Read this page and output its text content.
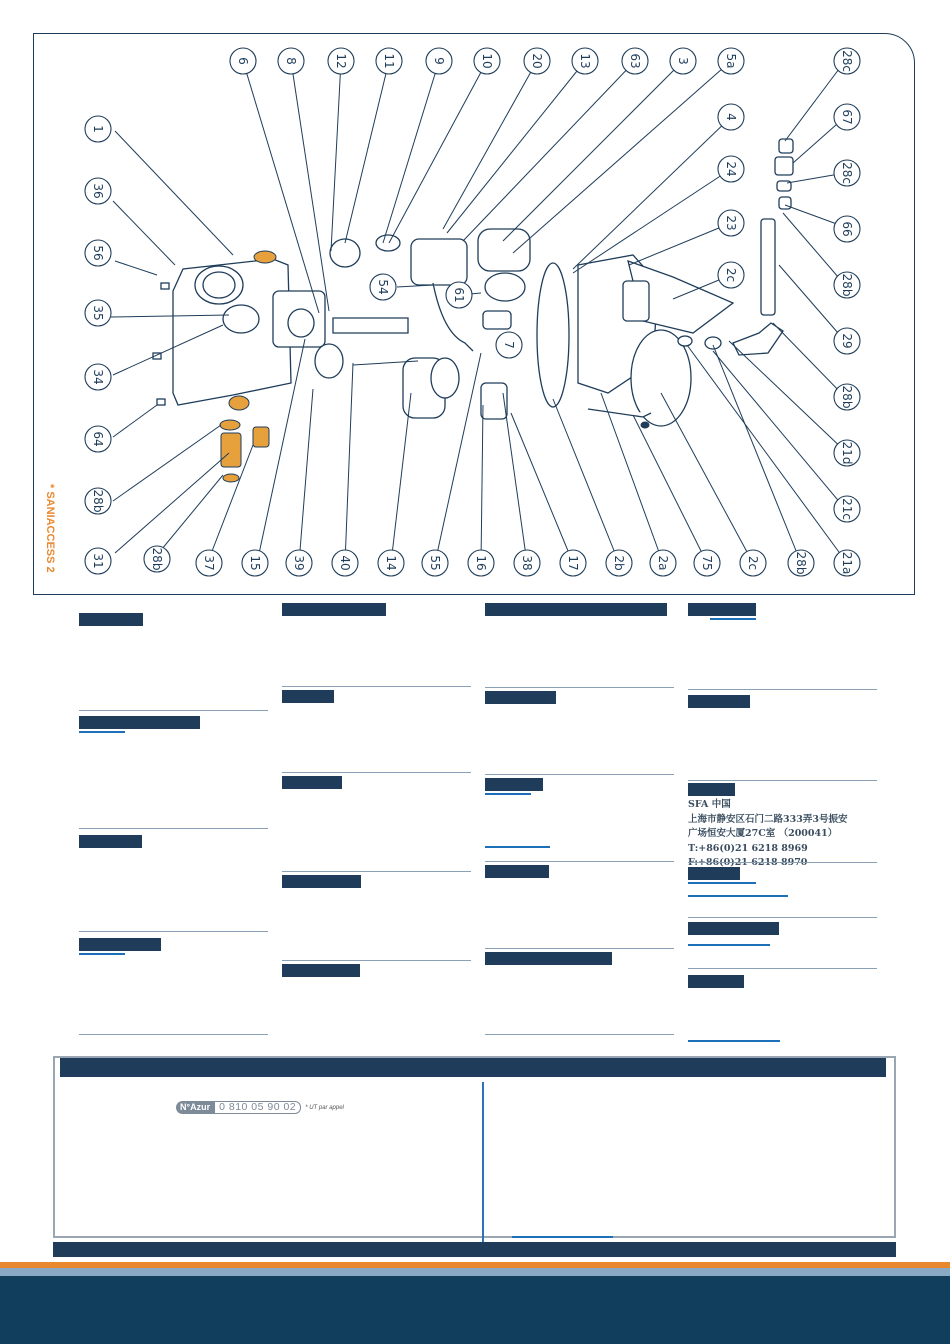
1
36
56
35
34
64
28b
31	28b	37	15	39	40	14	55	16	38	17	2b	2a	75	2c	28b	21a
21c
21d
28b
29
28b
66
28c
67
28c
4
24
23
2c
54
61
7
6	8	12	11	9	10	20	13	63	3	5a
* SANIACCESS 2
SFA 中国
上海市静安区石门二路333弄3号振安
广场恒安大厦27C室 （200041）
T:+86(0)21 6218 8969

N°Azur 0 810 05 90 02	* UT par appel
